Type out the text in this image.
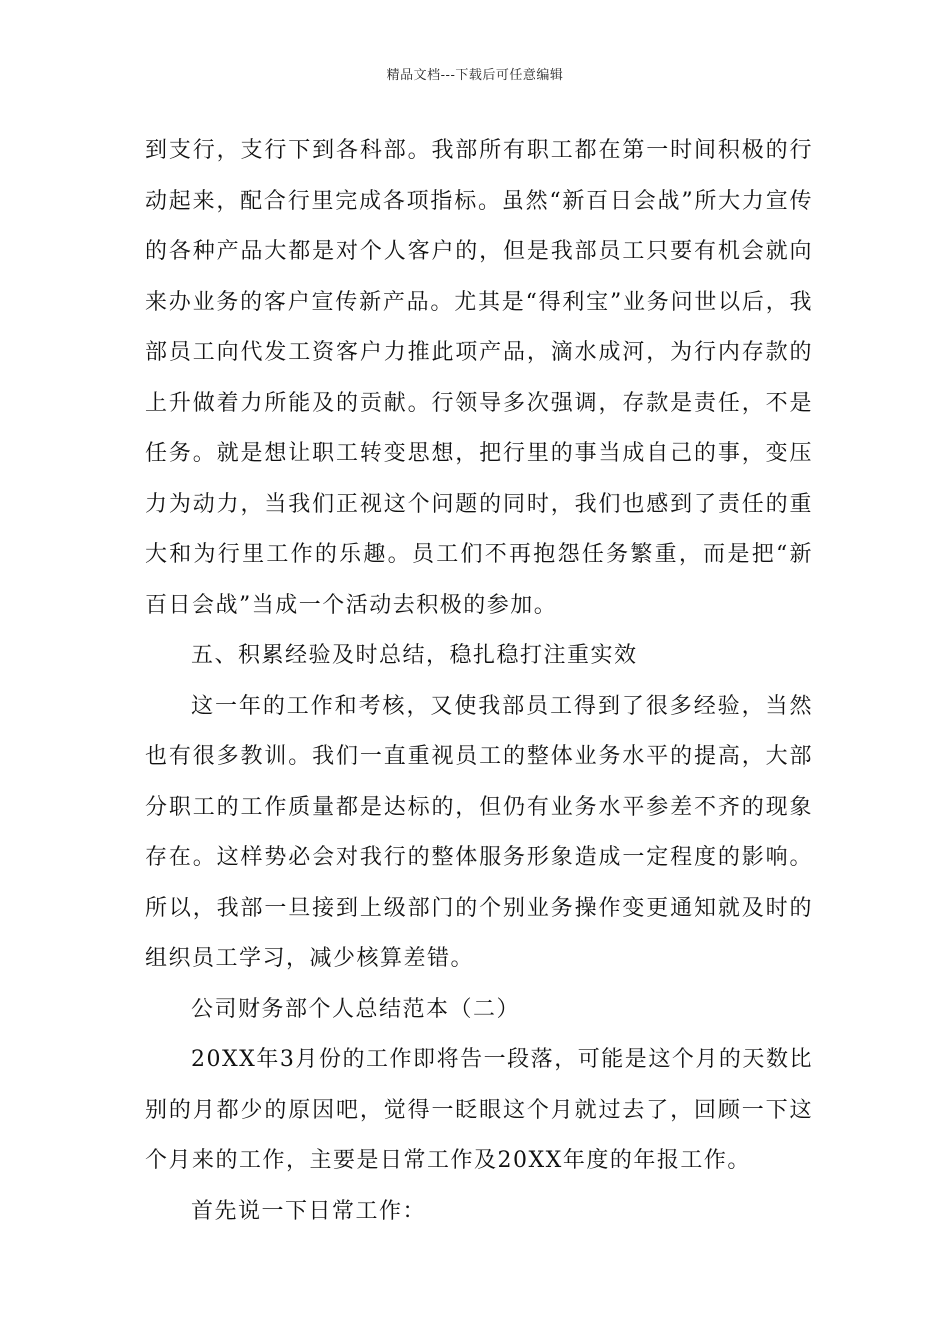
精品文档---下载后可任意编辑

到支行，支行下到各科部。我部所有职工都在第一时间积极的行动起来，配合行里完成各项指标。虽然“新百日会战”所大力宣传的各种产品大都是对个人客户的，但是我部员工只要有机会就向来办业务的客户宣传新产品。尤其是“得利宝”业务问世以后，我部员工向代发工资客户力推此项产品，滴水成河，为行内存款的上升做着力所能及的贡献。行领导多次强调，存款是责任，不是任务。就是想让职工转变思想，把行里的事当成自己的事，变压力为动力，当我们正视这个问题的同时，我们也感到了责任的重大和为行里工作的乐趣。员工们不再抱怨任务繁重，而是把“新百日会战”当成一个活动去积极的参加。

五、积累经验及时总结，稳扎稳打注重实效

这一年的工作和考核，又使我部员工得到了很多经验，当然也有很多教训。我们一直重视员工的整体业务水平的提高，大部分职工的工作质量都是达标的，但仍有业务水平参差不齐的现象存在。这样势必会对我行的整体服务形象造成一定程度的影响。所以，我部一旦接到上级部门的个别业务操作变更通知就及时的组织员工学习，减少核算差错。

公司财务部个人总结范本（二）

20XX年3月份的工作即将告一段落，可能是这个月的天数比别的月都少的原因吧，觉得一眨眼这个月就过去了，回顾一下这个月来的工作，主要是日常工作及20XX年度的年报工作。

首先说一下日常工作：
